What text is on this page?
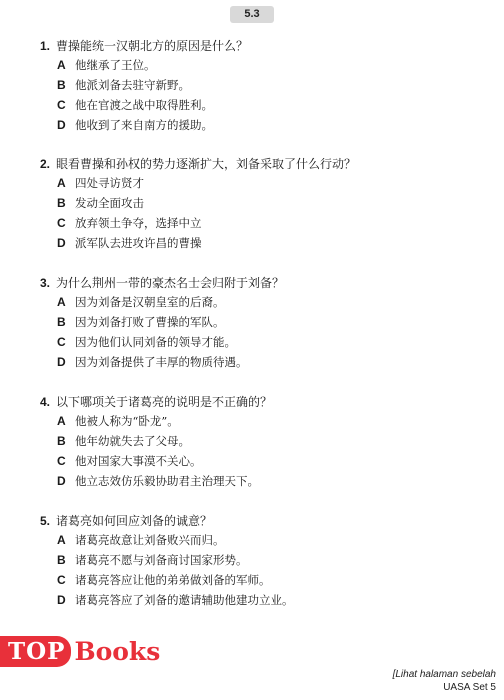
5.3
1. 曹操能统一汉朝北方的原因是什么？
A 他继承了王位。
B 他派刘备去驻守新野。
C 他在官渡之战中取得胜利。
D 他收到了来自南方的援助。
2. 眼看曹操和孙权的势力逐渐扩大，刘备采取了什么行动？
A 四处寻访贤才
B 发动全面攻击
C 放弃领土争夺，选择中立
D 派军队去进攻许昌的曹操
3. 为什么荆州一带的豪杰名士会归附于刘备？
A 因为刘备是汉朝皇室的后裔。
B 因为刘备打败了曹操的军队。
C 因为他们认同刘备的领导才能。
D 因为刘备提供了丰厚的物质待遇。
4. 以下哪项关于诸葛亮的说明是不正确的？
A 他被人称为“卧龙”。
B 他年幼就失去了父母。
C 他对国家大事漠不关心。
D 他立志效仿乐毅协助君主治理天下。
5. 诸葛亮如何回应刘备的诚意？
A 诸葛亮故意让刘备败兴而归。
B 诸葛亮不愿与刘备商讨国家形势。
C 诸葛亮答应让他的弟弟做刘备的军师。
D 诸葛亮答应了刘备的邀请辅助他建功立业。
TOP Books
[Lihat halaman sebelah
UASA Set 5
